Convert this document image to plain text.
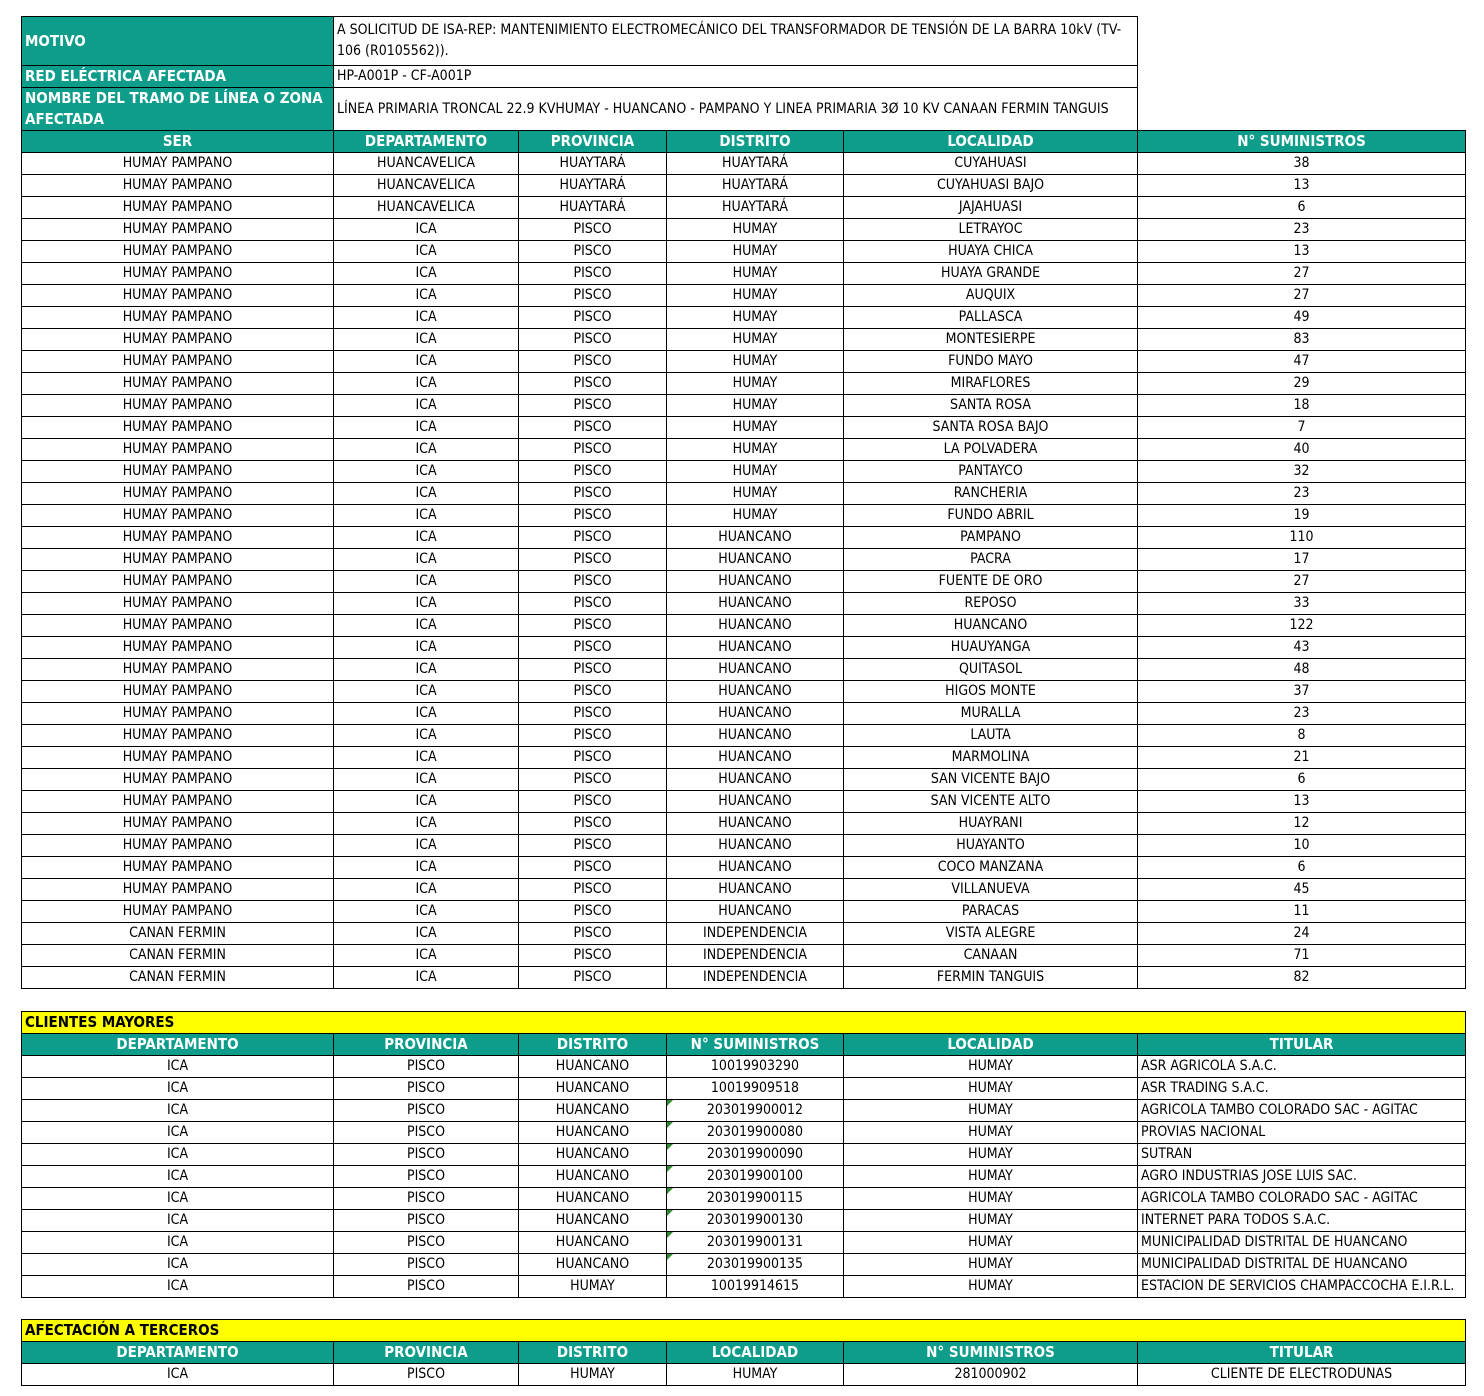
MOTIVO	A SOLICITUD DE ISA-REP: MANTENIMIENTO ELECTROMECÁNICO DEL TRANSFORMADOR DE TENSIÓN DE LA BARRA 10kV (TV-106 (R0105562)).				
RED ELÉCTRICA AFECTADA	HP-A001P - CF-A001P				
NOMBRE DEL TRAMO DE LÍNEA O ZONA AFECTADA	LÍNEA PRIMARIA TRONCAL 22.9 KVHUMAY - HUANCANO - PAMPANO Y LINEA PRIMARIA 3Ø 10 KV CANAAN FERMIN TANGUIS				
SER	DEPARTAMENTO	PROVINCIA	DISTRITO	LOCALIDAD	N° SUMINISTROS
HUMAY PAMPANO	HUANCAVELICA	HUAYTARÁ	HUAYTARÁ	CUYAHUASI	38
HUMAY PAMPANO	HUANCAVELICA	HUAYTARÁ	HUAYTARÁ	CUYAHUASI BAJO	13
HUMAY PAMPANO	HUANCAVELICA	HUAYTARÁ	HUAYTARÁ	JAJAHUASI	6
HUMAY PAMPANO	ICA	PISCO	HUMAY	LETRAYOC	23
HUMAY PAMPANO	ICA	PISCO	HUMAY	HUAYA CHICA	13
HUMAY PAMPANO	ICA	PISCO	HUMAY	HUAYA GRANDE	27
HUMAY PAMPANO	ICA	PISCO	HUMAY	AUQUIX	27
HUMAY PAMPANO	ICA	PISCO	HUMAY	PALLASCA	49
HUMAY PAMPANO	ICA	PISCO	HUMAY	MONTESIERPE	83
HUMAY PAMPANO	ICA	PISCO	HUMAY	FUNDO MAYO	47
HUMAY PAMPANO	ICA	PISCO	HUMAY	MIRAFLORES	29
HUMAY PAMPANO	ICA	PISCO	HUMAY	SANTA ROSA	18
HUMAY PAMPANO	ICA	PISCO	HUMAY	SANTA ROSA BAJO	7
HUMAY PAMPANO	ICA	PISCO	HUMAY	LA POLVADERA	40
HUMAY PAMPANO	ICA	PISCO	HUMAY	PANTAYCO	32
HUMAY PAMPANO	ICA	PISCO	HUMAY	RANCHERIA	23
HUMAY PAMPANO	ICA	PISCO	HUMAY	FUNDO ABRIL	19
HUMAY PAMPANO	ICA	PISCO	HUANCANO	PAMPANO	110
HUMAY PAMPANO	ICA	PISCO	HUANCANO	PACRA	17
HUMAY PAMPANO	ICA	PISCO	HUANCANO	FUENTE DE ORO	27
HUMAY PAMPANO	ICA	PISCO	HUANCANO	REPOSO	33
HUMAY PAMPANO	ICA	PISCO	HUANCANO	HUANCANO	122
HUMAY PAMPANO	ICA	PISCO	HUANCANO	HUAUYANGA	43
HUMAY PAMPANO	ICA	PISCO	HUANCANO	QUITASOL	48
HUMAY PAMPANO	ICA	PISCO	HUANCANO	HIGOS MONTE	37
HUMAY PAMPANO	ICA	PISCO	HUANCANO	MURALLA	23
HUMAY PAMPANO	ICA	PISCO	HUANCANO	LAUTA	8
HUMAY PAMPANO	ICA	PISCO	HUANCANO	MARMOLINA	21
HUMAY PAMPANO	ICA	PISCO	HUANCANO	SAN VICENTE BAJO	6
HUMAY PAMPANO	ICA	PISCO	HUANCANO	SAN VICENTE ALTO	13
HUMAY PAMPANO	ICA	PISCO	HUANCANO	HUAYRANI	12
HUMAY PAMPANO	ICA	PISCO	HUANCANO	HUAYANTO	10
HUMAY PAMPANO	ICA	PISCO	HUANCANO	COCO MANZANA	6
HUMAY PAMPANO	ICA	PISCO	HUANCANO	VILLANUEVA	45
HUMAY PAMPANO	ICA	PISCO	HUANCANO	PARACAS	11
CANAN FERMIN	ICA	PISCO	INDEPENDENCIA	VISTA ALEGRE	24
CANAN FERMIN	ICA	PISCO	INDEPENDENCIA	CANAAN	71
CANAN FERMIN	ICA	PISCO	INDEPENDENCIA	FERMIN TANGUIS	82
CLIENTES MAYORES					
DEPARTAMENTO	PROVINCIA	DISTRITO	N° SUMINISTROS	LOCALIDAD	TITULAR
ICA	PISCO	HUANCANO	10019903290	HUMAY	ASR AGRICOLA S.A.C.
ICA	PISCO	HUANCANO	10019909518	HUMAY	ASR TRADING S.A.C.
ICA	PISCO	HUANCANO	203019900012	HUMAY	AGRICOLA TAMBO COLORADO SAC - AGITAC
ICA	PISCO	HUANCANO	203019900080	HUMAY	PROVIAS NACIONAL
ICA	PISCO	HUANCANO	203019900090	HUMAY	SUTRAN
ICA	PISCO	HUANCANO	203019900100	HUMAY	AGRO INDUSTRIAS JOSE LUIS SAC.
ICA	PISCO	HUANCANO	203019900115	HUMAY	AGRICOLA TAMBO COLORADO SAC - AGITAC
ICA	PISCO	HUANCANO	203019900130	HUMAY	INTERNET PARA TODOS S.A.C.
ICA	PISCO	HUANCANO	203019900131	HUMAY	MUNICIPALIDAD DISTRITAL DE HUANCANO
ICA	PISCO	HUANCANO	203019900135	HUMAY	MUNICIPALIDAD DISTRITAL DE HUANCANO
ICA	PISCO	HUMAY	10019914615	HUMAY	ESTACION DE SERVICIOS CHAMPACCOCHA E.I.R.L.
AFECTACIÓN A TERCEROS					
DEPARTAMENTO	PROVINCIA	DISTRITO	LOCALIDAD	N° SUMINISTROS	TITULAR
ICA	PISCO	HUMAY	HUMAY	281000902	CLIENTE DE ELECTRODUNAS
